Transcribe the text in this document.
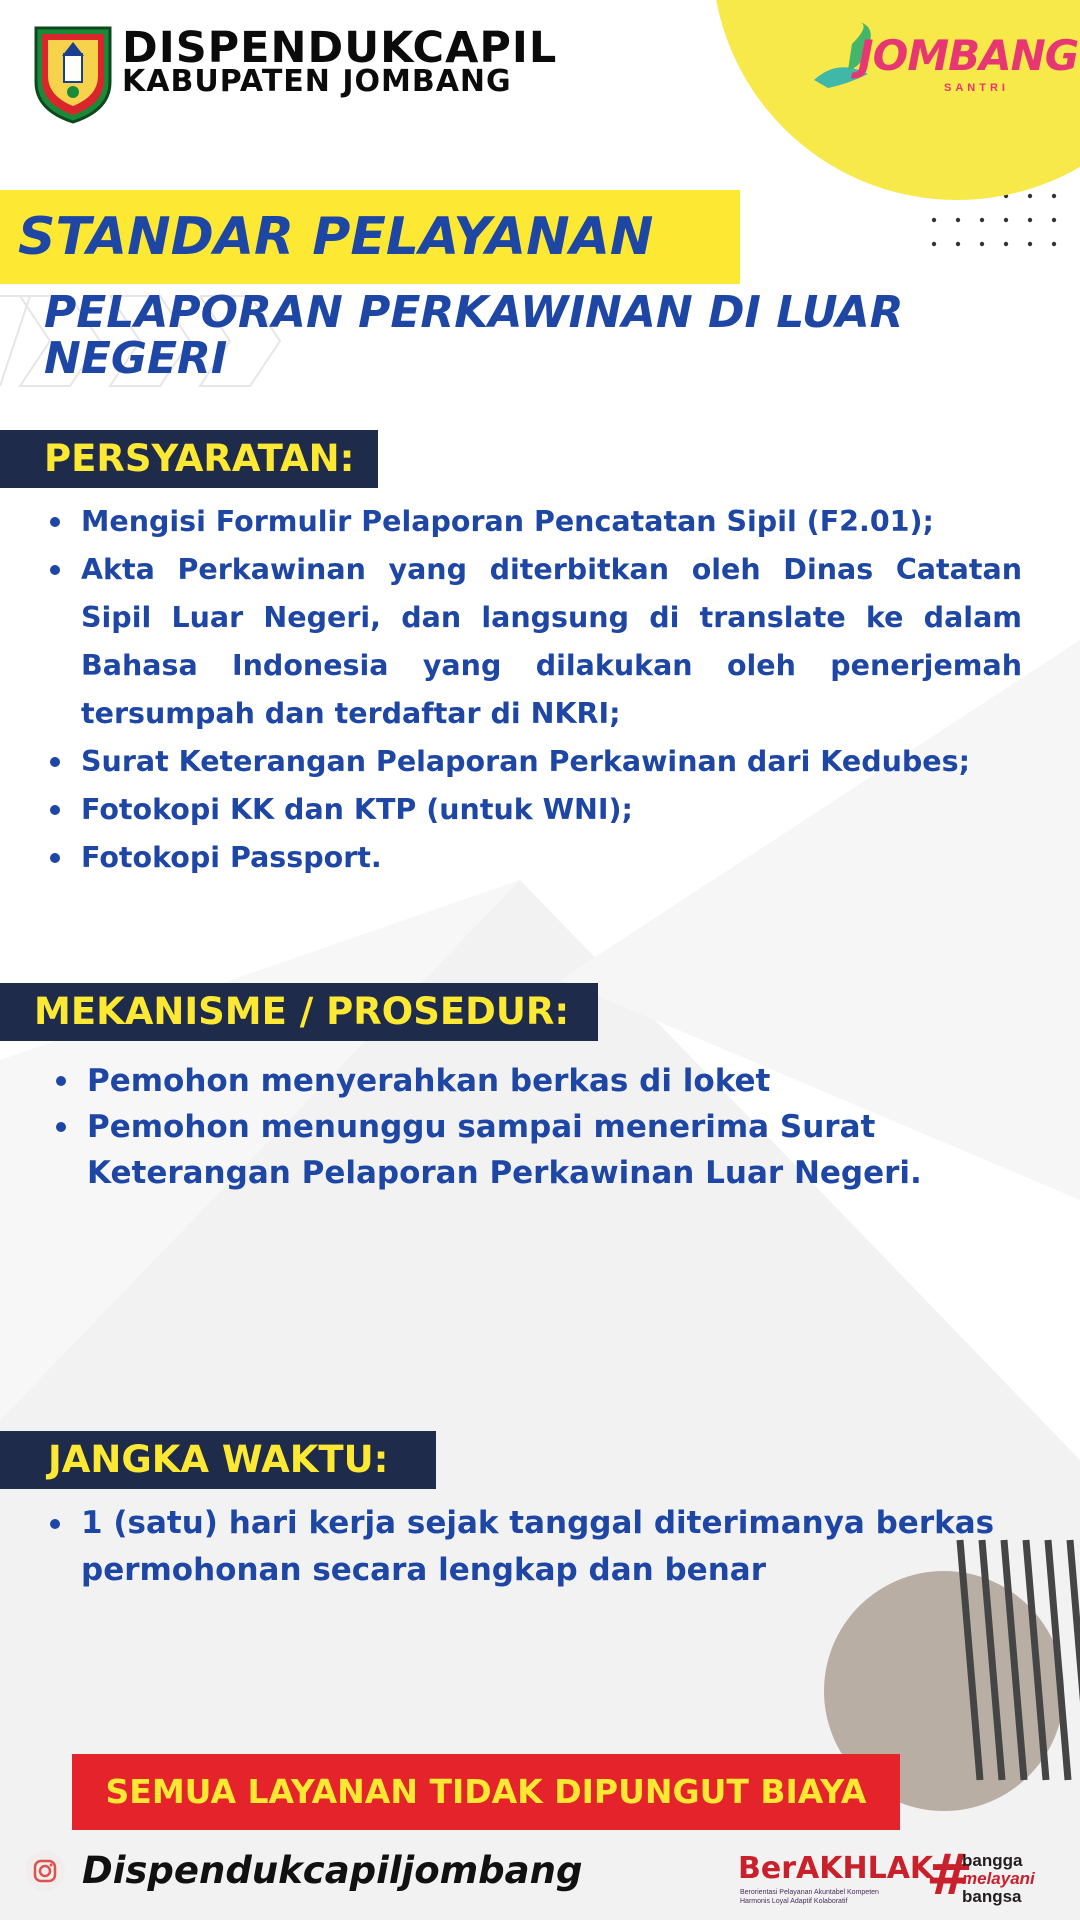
DISPENDUKCAPIL
KABUPATEN JOMBANG
JOMBANG
SANTRI
STANDAR PELAYANAN
PELAPORAN PERKAWINAN DI LUAR NEGERI
PERSYARATAN:
Mengisi Formulir Pelaporan Pencatatan Sipil (F2.01);
Akta Perkawinan yang diterbitkan oleh Dinas Catatan Sipil Luar Negeri, dan langsung di translate ke dalam Bahasa Indonesia yang dilakukan oleh penerjemah tersumpah dan terdaftar di NKRI;
Surat Keterangan Pelaporan Perkawinan dari Kedubes;
Fotokopi KK dan KTP (untuk WNI);
Fotokopi Passport.
MEKANISME / PROSEDUR:
Pemohon menyerahkan berkas di loket
Pemohon menunggu sampai menerima Surat Keterangan Pelaporan Perkawinan Luar Negeri.
JANGKA WAKTU:
1 (satu) hari kerja sejak tanggal diterimanya berkas permohonan secara lengkap dan benar
SEMUA LAYANAN TIDAK DIPUNGUT BIAYA
Dispendukcapiljombang	BerAKHLAK
Berorientasi Pelayanan Akuntabel Kompeten Harmonis Loyal Adaptif Kolaboratif	#
bangga
melayani
bangsa
